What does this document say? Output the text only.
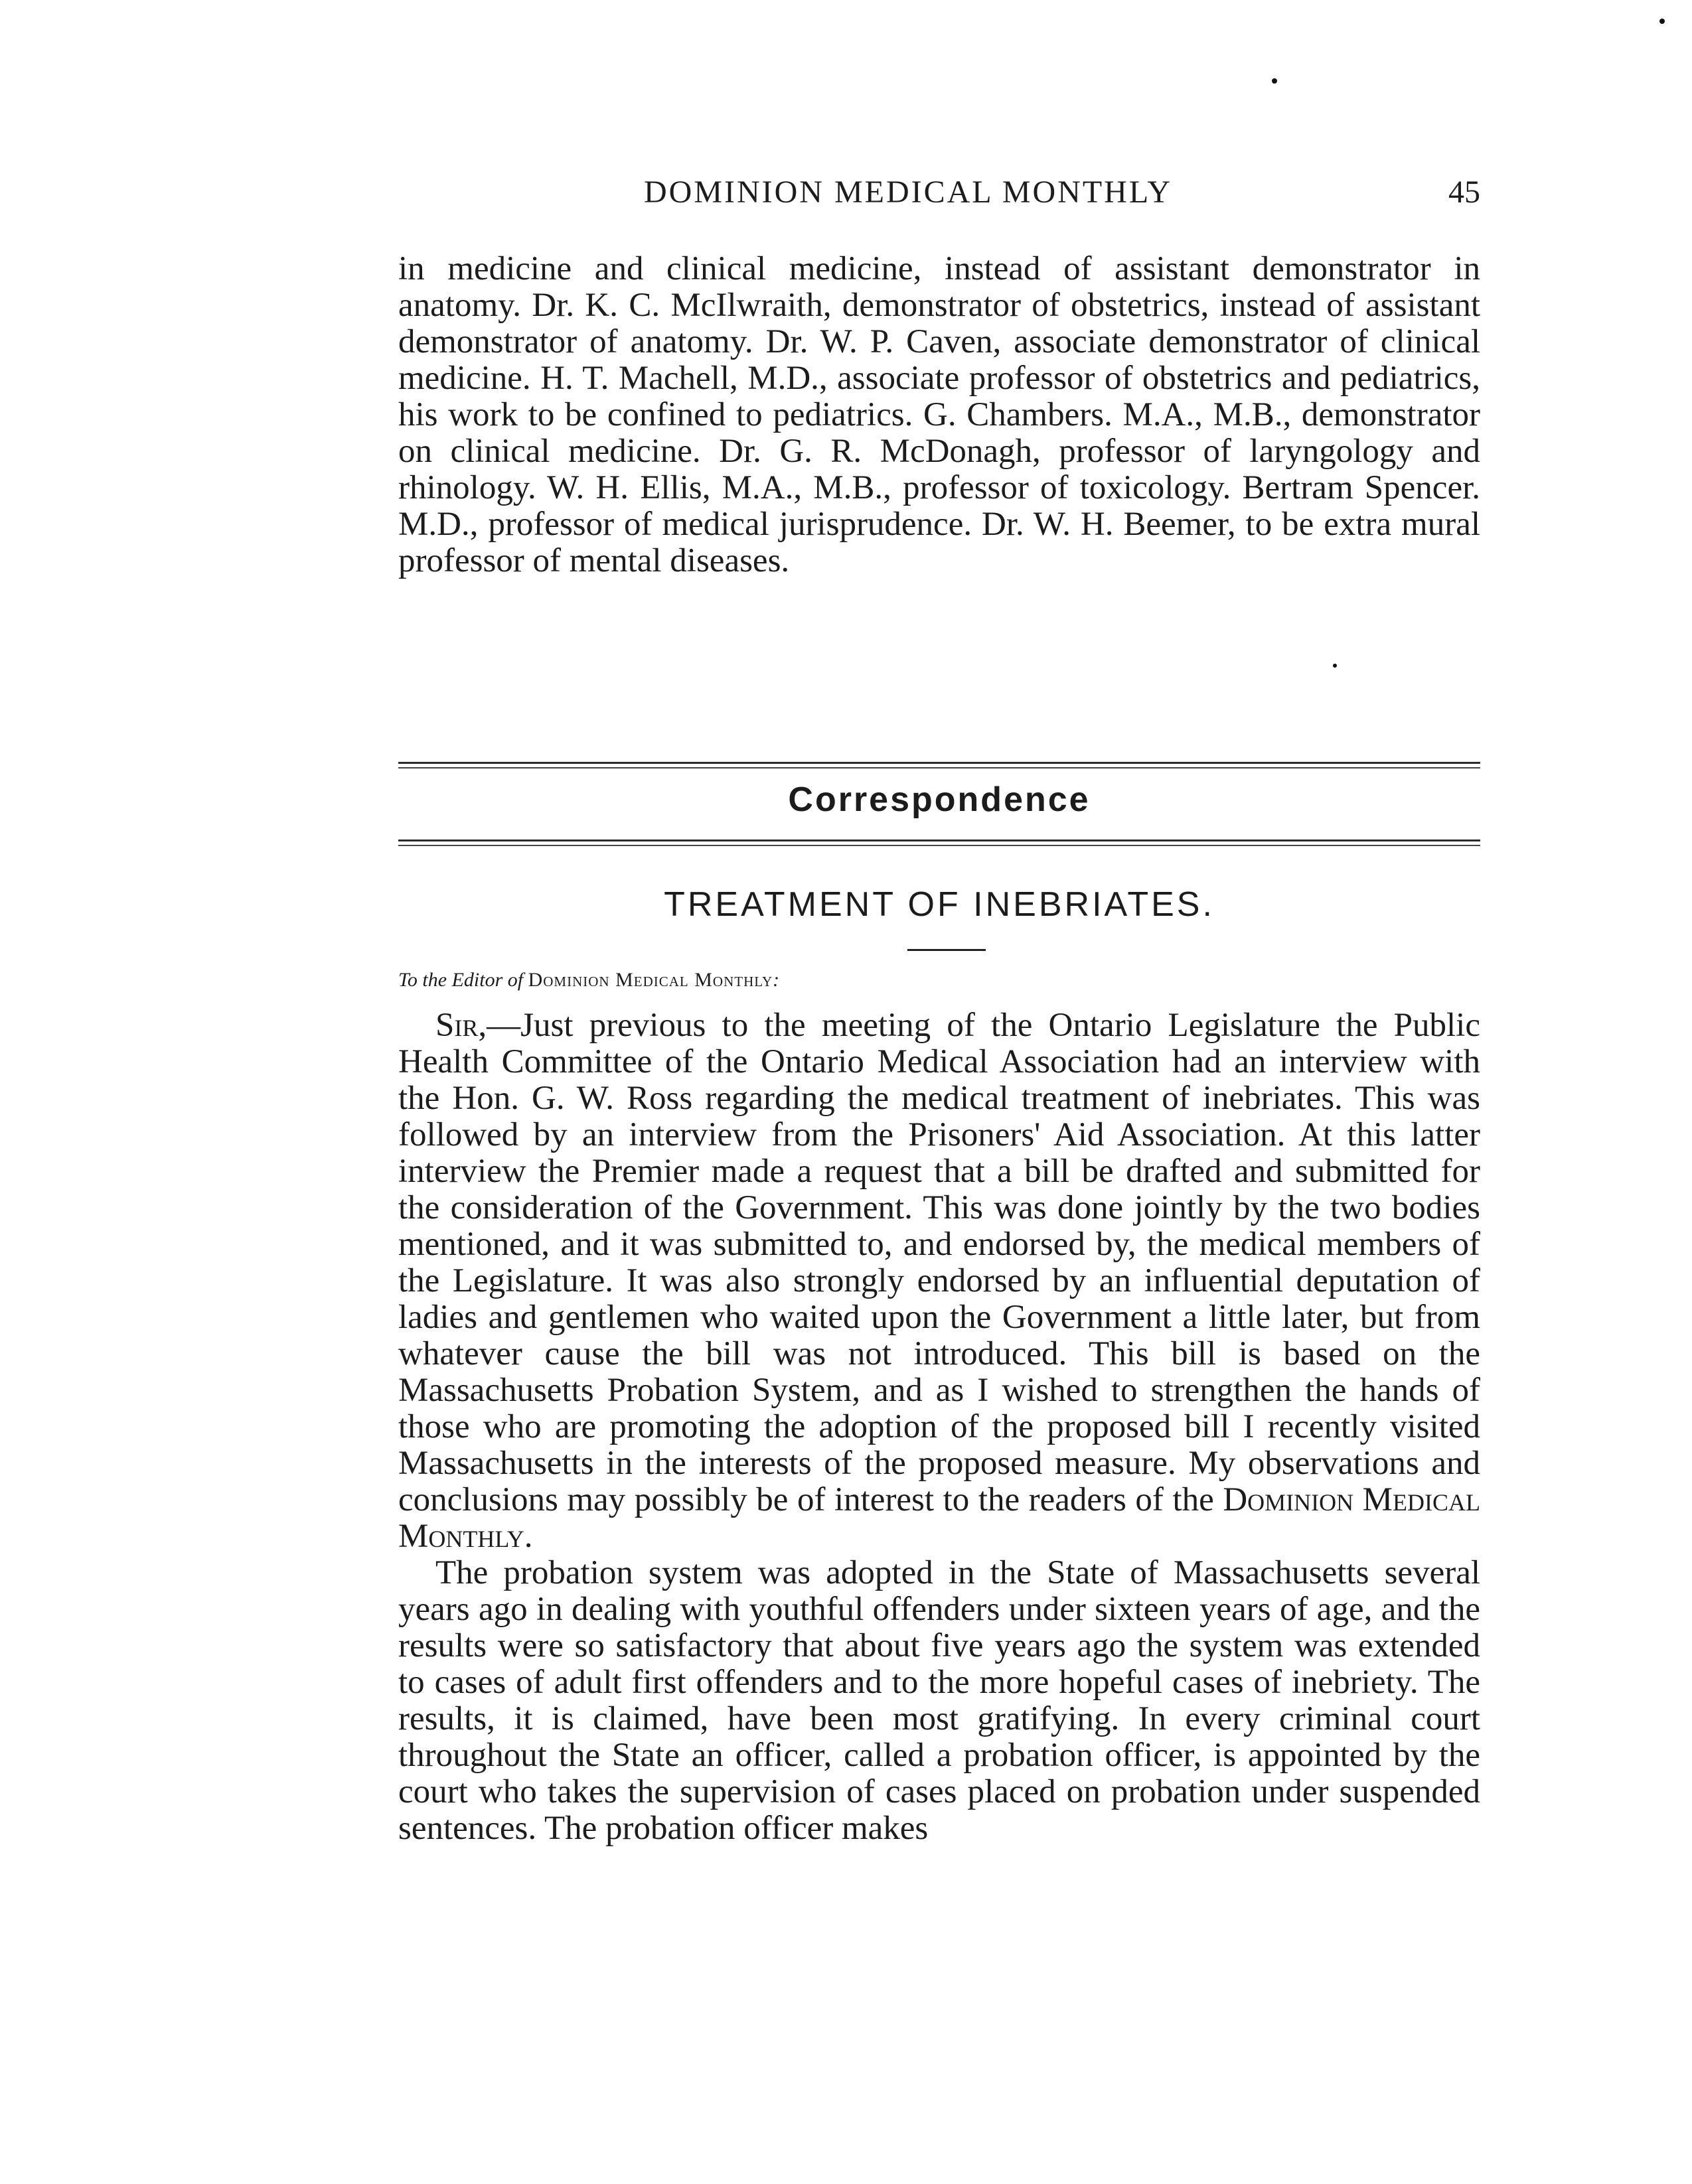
DOMINION MEDICAL MONTHLY	45

in medicine and clinical medicine, instead of assistant demonstrator in anatomy. Dr. K. C. McIlwraith, demonstrator of obstetrics, instead of assistant demonstrator of anatomy. Dr. W. P. Caven, associate demonstrator of clinical medicine. H. T. Machell, M.D., associate professor of obstetrics and pediatrics, his work to be confined to pediatrics. G. Chambers. M.A., M.B., demonstrator on clinical medicine. Dr. G. R. McDonagh, professor of laryngology and rhinology. W. H. Ellis, M.A., M.B., professor of toxicology. Bertram Spencer. M.D., professor of medical jurisprudence. Dr. W. H. Beemer, to be extra mural professor of mental diseases.

Correspondence
TREATMENT OF INEBRIATES.
To the Editor of Dominion Medical Monthly:

Sir,—Just previous to the meeting of the Ontario Legislature the Public Health Committee of the Ontario Medical Association had an interview with the Hon. G. W. Ross regarding the medical treatment of inebriates. This was followed by an interview from the Prisoners' Aid Association. At this latter interview the Premier made a request that a bill be drafted and submitted for the consideration of the Government. This was done jointly by the two bodies mentioned, and it was submitted to, and endorsed by, the medical members of the Legislature. It was also strongly endorsed by an influential deputation of ladies and gentlemen who waited upon the Government a little later, but from whatever cause the bill was not introduced. This bill is based on the Massachusetts Probation System, and as I wished to strengthen the hands of those who are promoting the adoption of the proposed bill I recently visited Massachusetts in the interests of the proposed measure. My observations and conclusions may possibly be of interest to the readers of the Dominion Medical Monthly.

The probation system was adopted in the State of Massachusetts several years ago in dealing with youthful offenders under sixteen years of age, and the results were so satisfactory that about five years ago the system was extended to cases of adult first offenders and to the more hopeful cases of inebriety. The results, it is claimed, have been most gratifying. In every criminal court throughout the State an officer, called a probation officer, is appointed by the court who takes the supervision of cases placed on probation under suspended sentences. The probation officer makes
